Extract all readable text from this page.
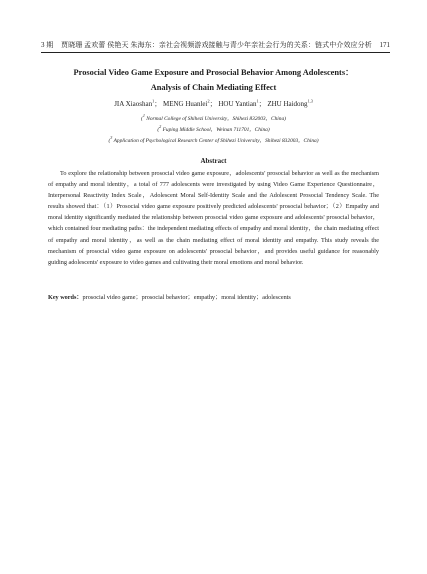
3 期 贾晓珊 孟欢蕾 侯艳天 朱海东：亲社会视频游戏接触与青少年亲社会行为的关系：链式中介效应分析 171
Prosocial Video Game Exposure and Prosocial Behavior Among Adolescents：
Analysis of Chain Mediating Effect
JIA Xiaoshan$^1$； MENG Huanlei$^2$； HOU Yantian$^1$； ZHU Haidong$^{1,3}$
($^1$ Normal College of Shihezi University，Shihezi 832003，China)
($^2$ Fuping Middle School，Weinan 711701，China)
($^3$ Application of Psychological Research Center of Shihezi University，Shihezi 832003，China)
Abstract

To explore the relationship between prosocial video game exposure，adolescents' prosocial behavior as well as the mechanism of empathy and moral identity，a total of 777 adolescents were investigated by using Video Game Experience Questionnaire，Interpersonal Reactivity Index Scale，Adolescent Moral Self-Identity Scale and the Adolescent Prosocial Tendency Scale. The results showed that：（1）Prosocial video game exposure positively predicted adolescents' prosocial behavior；（2）Empathy and moral identity significantly mediated the relationship between prosocial video game exposure and adolescents' prosocial behavior，which contained four mediating paths：the independent mediating effects of empathy and moral identity，the chain mediating effect of empathy and moral identity，as well as the chain mediating effect of moral identity and empathy. This study reveals the mechanism of prosocial video game exposure on adolescents' prosocial behavior，and provides useful guidance for reasonably guiding adolescents' exposure to video games and cultivating their moral emotions and moral behavior.

Key words：prosocial video game；prosocial behavior；empathy；moral identity；adolescents
